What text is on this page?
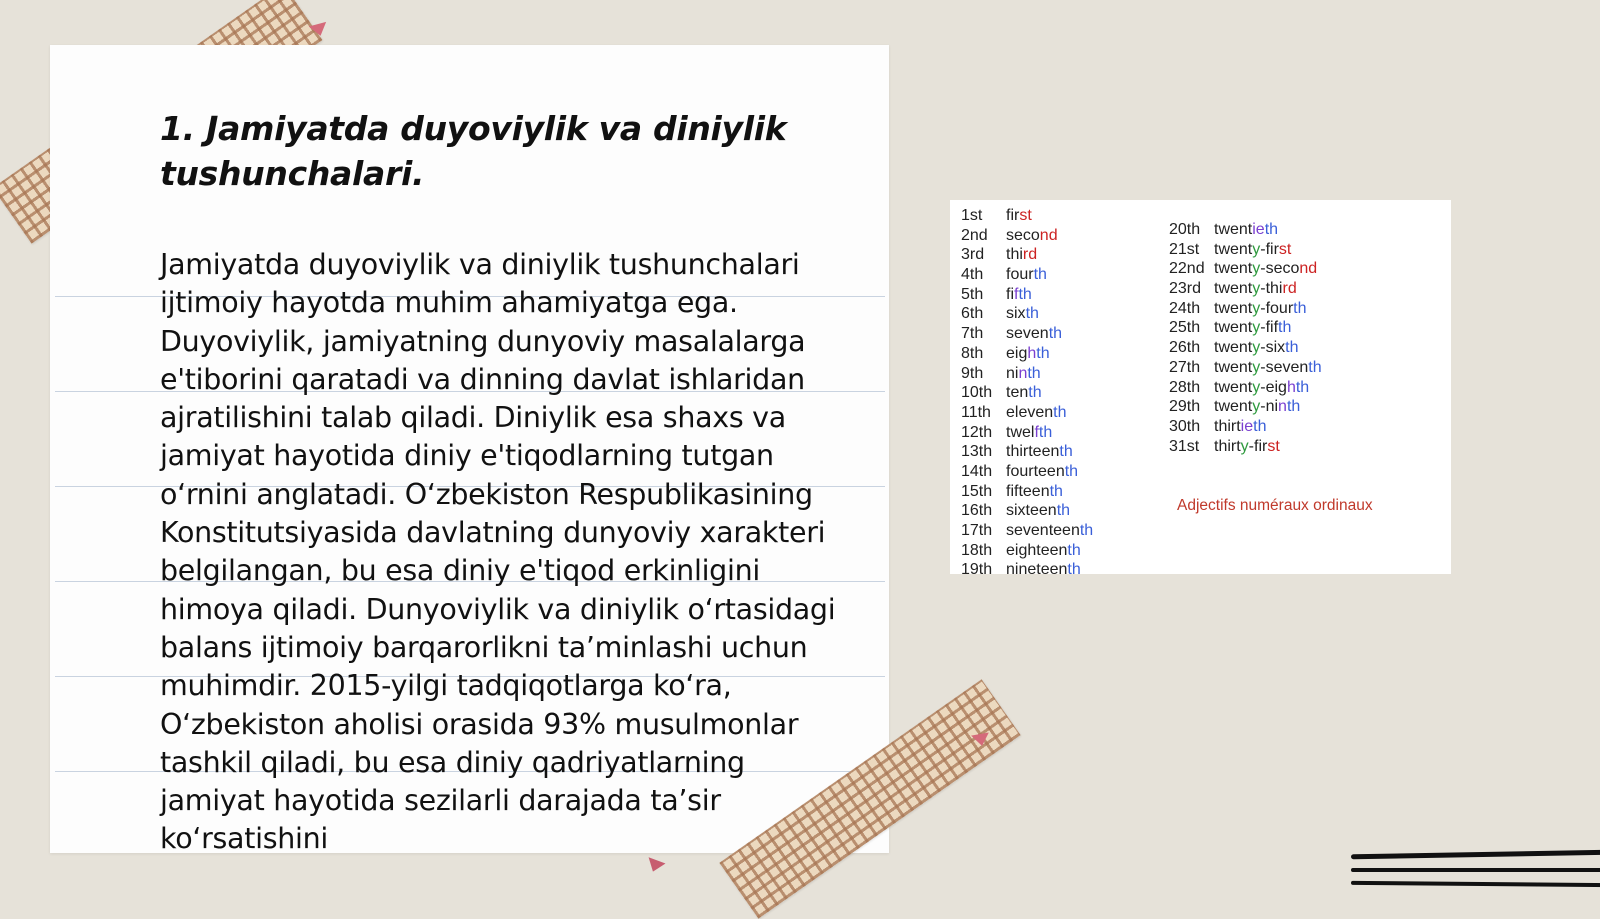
1. Jamiyatda duyoviylik va diniylik tushunchalari.

Jamiyatda duyoviylik va diniylik tushunchalari ijtimoiy hayotda muhim ahamiyatga ega. Duyoviylik, jamiyatning dunyoviy masalalarga e'tiborini qaratadi va dinning davlat ishlaridan ajratilishini talab qiladi. Diniylik esa shaxs va jamiyat hayotida diniy e'tiqodlarning tutgan o‘rnini anglatadi. O‘zbekiston Respublikasining Konstitutsiyasida davlatning dunyoviy xarakteri belgilangan, bu esa diniy e'tiqod erkinligini himoya qiladi. Dunyoviylik va diniylik o‘rtasidagi balans ijtimoiy barqarorlikni ta’minlashi uchun muhimdir. 2015-yilgi tadqiqotlarga ko‘ra, O‘zbekiston aholisi orasida 93% musulmonlar tashkil qiladi, bu esa diniy qadriyatlarning jamiyat hayotida sezilarli darajada ta’sir ko‘rsatishini

1st first
2nd second
3rd third
4th fourth
5th fifth
6th sixth
7th seventh
8th eighth
9th ninth
10th tenth
11th eleventh
12th twelfth
13th thirteenth
14th fourteenth
15th fifteenth
16th sixteenth
17th seventeenth
18th eighteenth
19th nineteenth
20th twentieth
21st twenty-first
22nd twenty-second
23rd twenty-third
24th twenty-fourth
25th twenty-fifth
26th twenty-sixth
27th twenty-seventh
28th twenty-eighth
29th twenty-ninth
30th thirtieth
31st thirty-first
Adjectifs numéraux ordinaux
